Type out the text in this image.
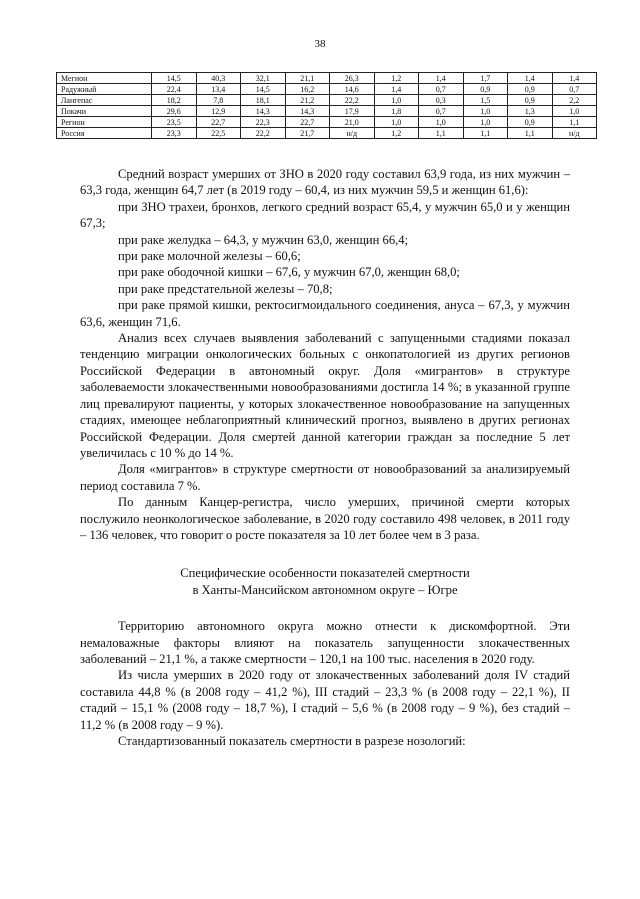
38
Мегион	14,5	40,3	32,1	21,1	26,3	1,2	1,4	1,7	1,4	1,4
Радужный	22,4	13,4	14,5	16,2	14,6	1,4	0,7	0,9	0,9	0,7
Лангепас	18,2	7,8	18,1	21,2	22,2	1,0	0,3	1,5	0,9	2,2
Покачи	29,6	12,9	14,3	14,3	17,9	1,8	0,7	1,0	1,3	1,0
Регион	23,5	22,7	22,3	22,7	21,0	1,0	1,0	1,0	0,9	1,1
Россия	23,3	22,5	22,2	21,7	н/д	1,2	1,1	1,1	1,1	н/д

Средний возраст умерших от ЗНО в 2020 году составил 63,9 года, из них мужчин – 63,3 года, женщин 64,7 лет (в 2019 году – 60,4, из них мужчин 59,5 и женщин 61,6):

при ЗНО трахеи, бронхов, легкого средний возраст 65,4, у мужчин 65,0 и у женщин 67,3;

при раке желудка – 64,3, у мужчин 63,0, женщин 66,4;

при раке молочной железы – 60,6;

при раке ободочной кишки – 67,6, у мужчин 67,0, женщин 68,0;

при раке предстательной железы – 70,8;

при раке прямой кишки, ректосигмоидального соединения, ануса – 67,3, у мужчин 63,6, женщин 71,6.

Анализ всех случаев выявления заболеваний с запущенными стадиями показал тенденцию миграции онкологических больных с онкопатологией из других регионов Российской Федерации в автономный округ. Доля «мигрантов» в структуре заболеваемости злокачественными новообразованиями достигла 14 %; в указанной группе лиц превалируют пациенты, у которых злокачественное новообразование на запущенных стадиях, имеющее неблагоприятный клинический прогноз, выявлено в других регионах Российской Федерации. Доля смертей данной категории граждан за последние 5 лет увеличилась с 10 % до 14 %.

Доля «мигрантов» в структуре смертности от новообразований за анализируемый период составила 7 %.

По данным Канцер-регистра, число умерших, причиной смерти которых послужило неонкологическое заболевание, в 2020 году составило 498 человек, в 2011 году – 136 человек, что говорит о росте показателя за 10 лет более чем в 3 раза.

Специфические особенности показателей смертности
в Ханты-Мансийском автономном округе – Югре

Территорию автономного округа можно отнести к дискомфортной. Эти немаловажные факторы влияют на показатель запущенности злокачественных заболеваний – 21,1 %, а также смертности – 120,1 на 100 тыс. населения в 2020 году.

Из числа умерших в 2020 году от злокачественных заболеваний доля IV стадий составила 44,8 % (в 2008 году – 41,2 %), III стадий – 23,3 % (в 2008 году – 22,1 %), II стадий – 15,1 % (2008 году – 18,7 %), I стадий – 5,6 % (в 2008 году – 9 %), без стадий – 11,2 % (в 2008 году – 9 %).

Стандартизованный показатель смертности в разрезе нозологий:
